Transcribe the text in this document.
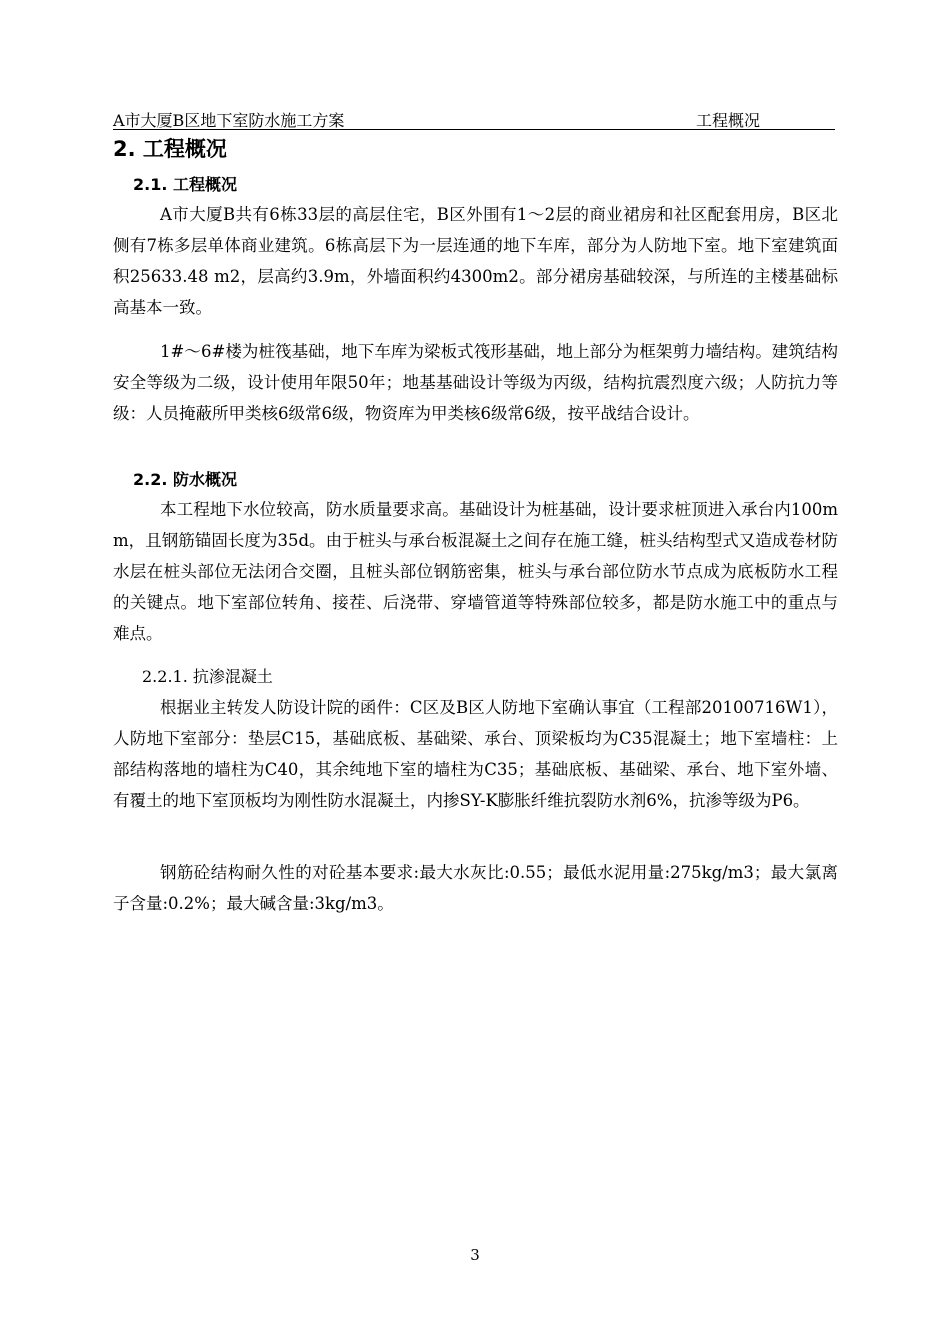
A市大厦B区地下室防水施工方案	工程概况
2. 工程概况
2.1. 工程概况
A市大厦B共有6栋33层的高层住宅，B区外围有1～2层的商业裙房和社区配套用房，B区北侧有7栋多层单体商业建筑。6栋高层下为一层连通的地下车库，部分为人防地下室。地下室建筑面积25633.48 m2，层高约3.9m，外墙面积约4300m2。部分裙房基础较深，与所连的主楼基础标高基本一致。
1#～6#楼为桩筏基础，地下车库为梁板式筏形基础，地上部分为框架剪力墙结构。建筑结构安全等级为二级，设计使用年限50年；地基基础设计等级为丙级，结构抗震烈度六级；人防抗力等级：人员掩蔽所甲类核6级常6级，物资库为甲类核6级常6级，按平战结合设计。
2.2. 防水概况
本工程地下水位较高，防水质量要求高。基础设计为桩基础，设计要求桩顶进入承台内100mm，且钢筋锚固长度为35d。由于桩头与承台板混凝土之间存在施工缝，桩头结构型式又造成卷材防水层在桩头部位无法闭合交圈，且桩头部位钢筋密集，桩头与承台部位防水节点成为底板防水工程的关键点。地下室部位转角、接茬、后浇带、穿墙管道等特殊部位较多，都是防水施工中的重点与难点。
2.2.1. 抗渗混凝土
根据业主转发人防设计院的函件：C区及B区人防地下室确认事宜（工程部20100716W1），人防地下室部分：垫层C15，基础底板、基础梁、承台、顶梁板均为C35混凝土；地下室墙柱：上部结构落地的墙柱为C40，其余纯地下室的墙柱为C35；基础底板、基础梁、承台、地下室外墙、有覆土的地下室顶板均为刚性防水混凝土，内掺SY-K膨胀纤维抗裂防水剂6%，抗渗等级为P6。
钢筋砼结构耐久性的对砼基本要求:最大水灰比:0.55；最低水泥用量:275kg/m3；最大氯离子含量:0.2%；最大碱含量:3kg/m3。
3
